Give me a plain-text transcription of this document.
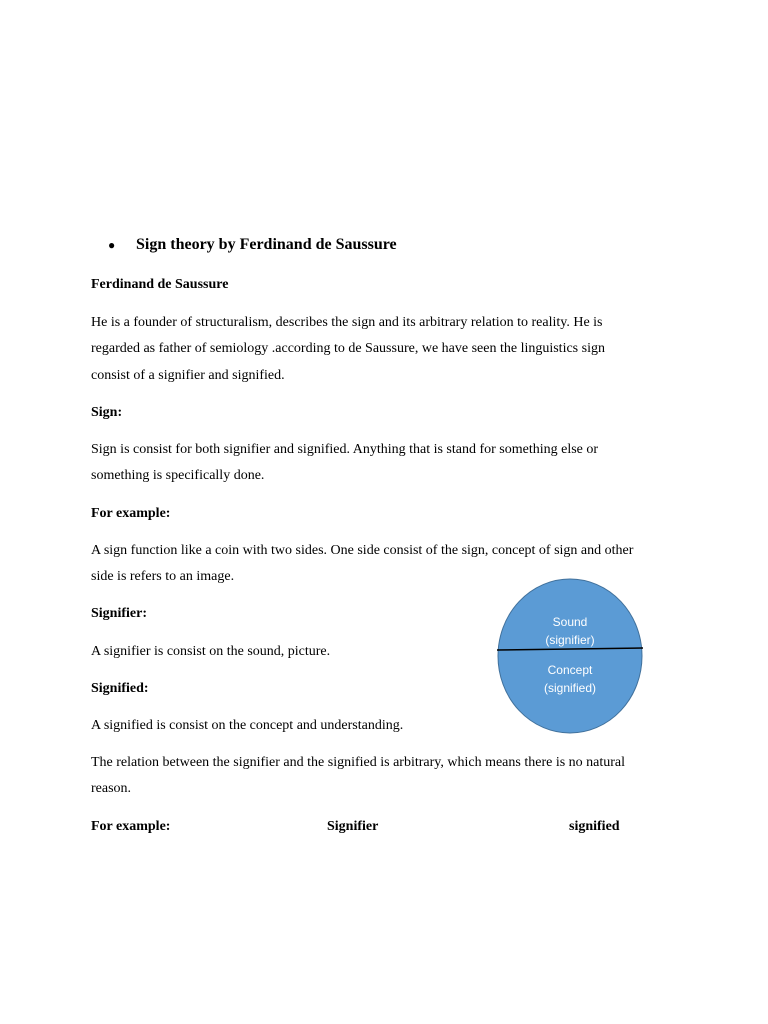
● Sign theory by Ferdinand de Saussure
Ferdinand de Saussure
He is a founder of structuralism, describes the sign and its arbitrary relation to reality. He is
regarded as father of semiology .according to de Saussure, we have seen the linguistics sign
consist of a signifier and signified.
Sign:
Sign is consist for both signifier and signified. Anything that is stand for something else or
something is specifically done.
For example:
A sign function like a coin with two sides. One side consist of the sign, concept of sign and other
side is refers to an image.
Signifier:
A signifier is consist on the sound, picture.
Signified:
A signified is consist on the concept and understanding.
The relation between the signifier and the signified is arbitrary, which means there is no natural
reason.
For example:	Signifier	signified
Sound
(signifier)
Concept
(signified)
